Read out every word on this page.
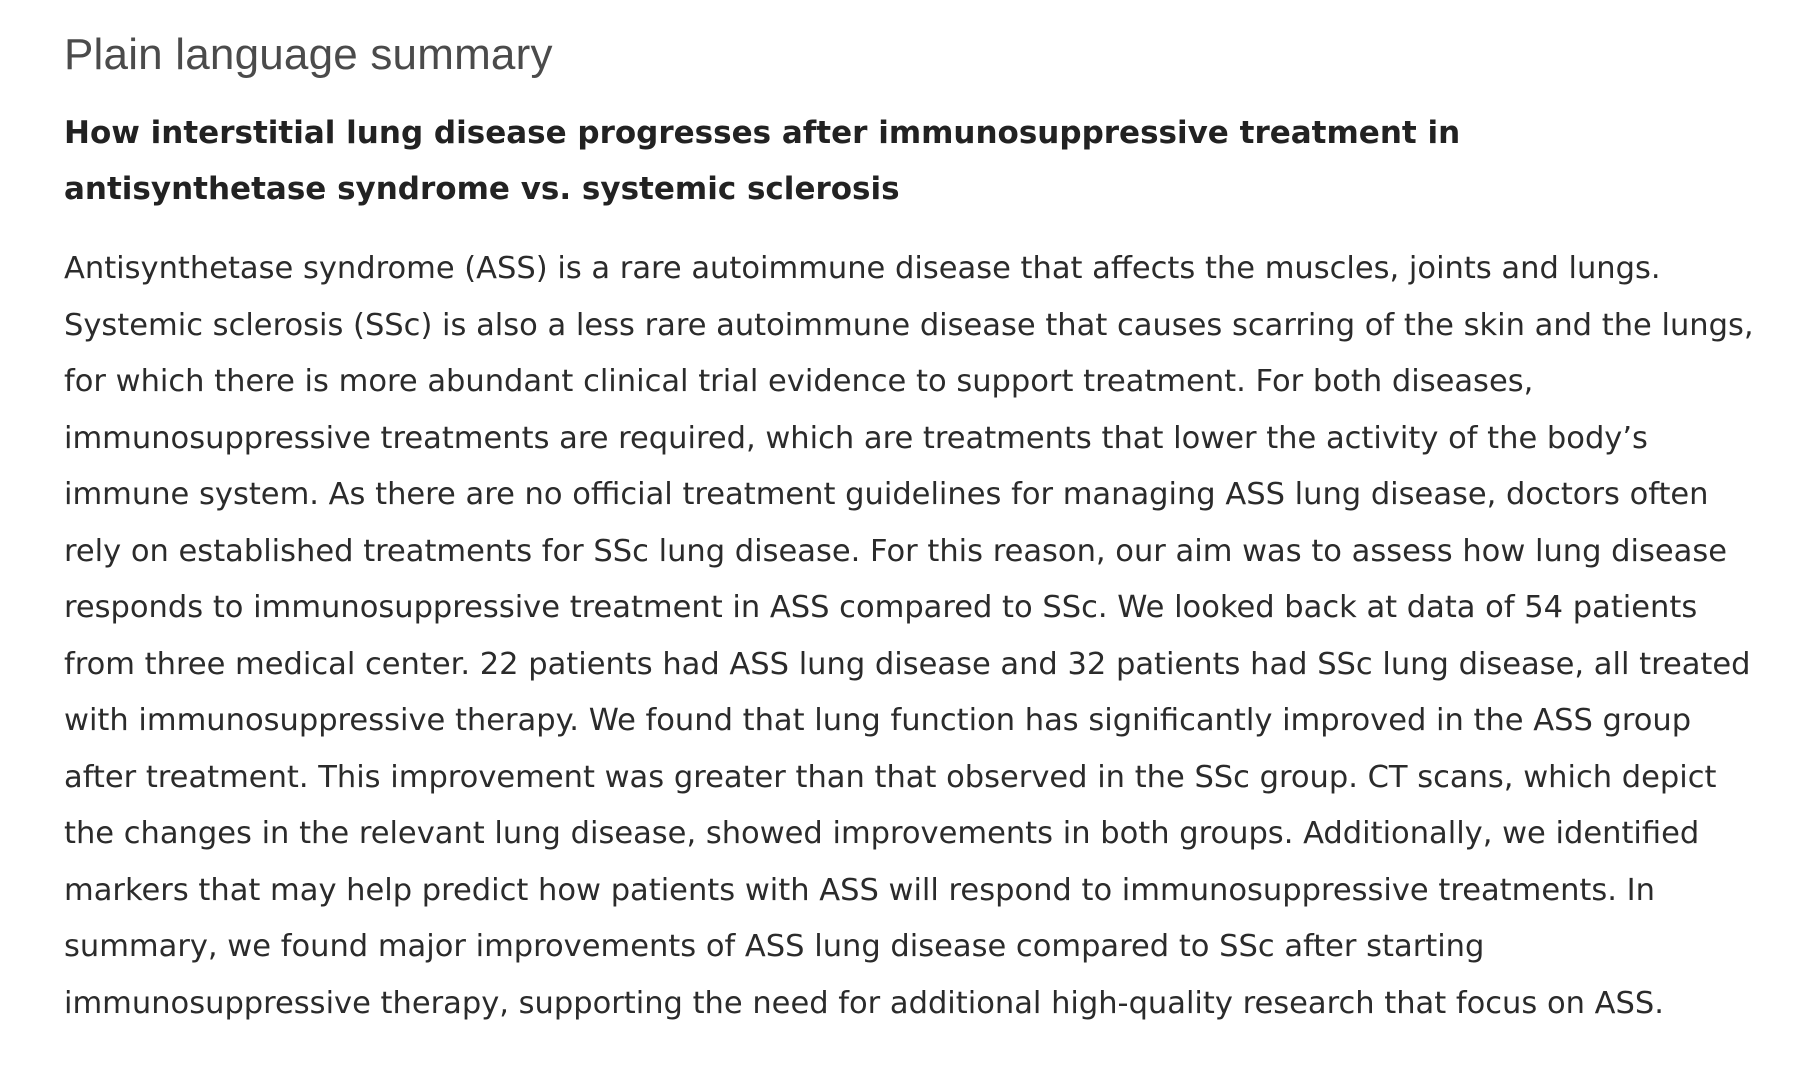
Plain language summary
How interstitial lung disease progresses after immunosuppressive treatment in antisynthetase syndrome vs. systemic sclerosis

Antisynthetase syndrome (ASS) is a rare autoimmune disease that affects the muscles, joints and lungs. Systemic sclerosis (SSc) is also a less rare autoimmune disease that causes scarring of the skin and the lungs, for which there is more abundant clinical trial evidence to support treatment. For both diseases, immunosuppressive treatments are required, which are treatments that lower the activity of the body’s immune system. As there are no official treatment guidelines for managing ASS lung disease, doctors often rely on established treatments for SSc lung disease. For this reason, our aim was to assess how lung disease responds to immunosuppressive treatment in ASS compared to SSc. We looked back at data of 54 patients from three medical center. 22 patients had ASS lung disease and 32 patients had SSc lung disease, all treated with immunosuppressive therapy. We found that lung function has significantly improved in the ASS group after treatment. This improvement was greater than that observed in the SSc group. CT scans, which depict the changes in the relevant lung disease, showed improvements in both groups. Additionally, we identified markers that may help predict how patients with ASS will respond to immunosuppressive treatments. In summary, we found major improvements of ASS lung disease compared to SSc after starting immunosuppressive therapy, supporting the need for additional high-quality research that focus on ASS.
